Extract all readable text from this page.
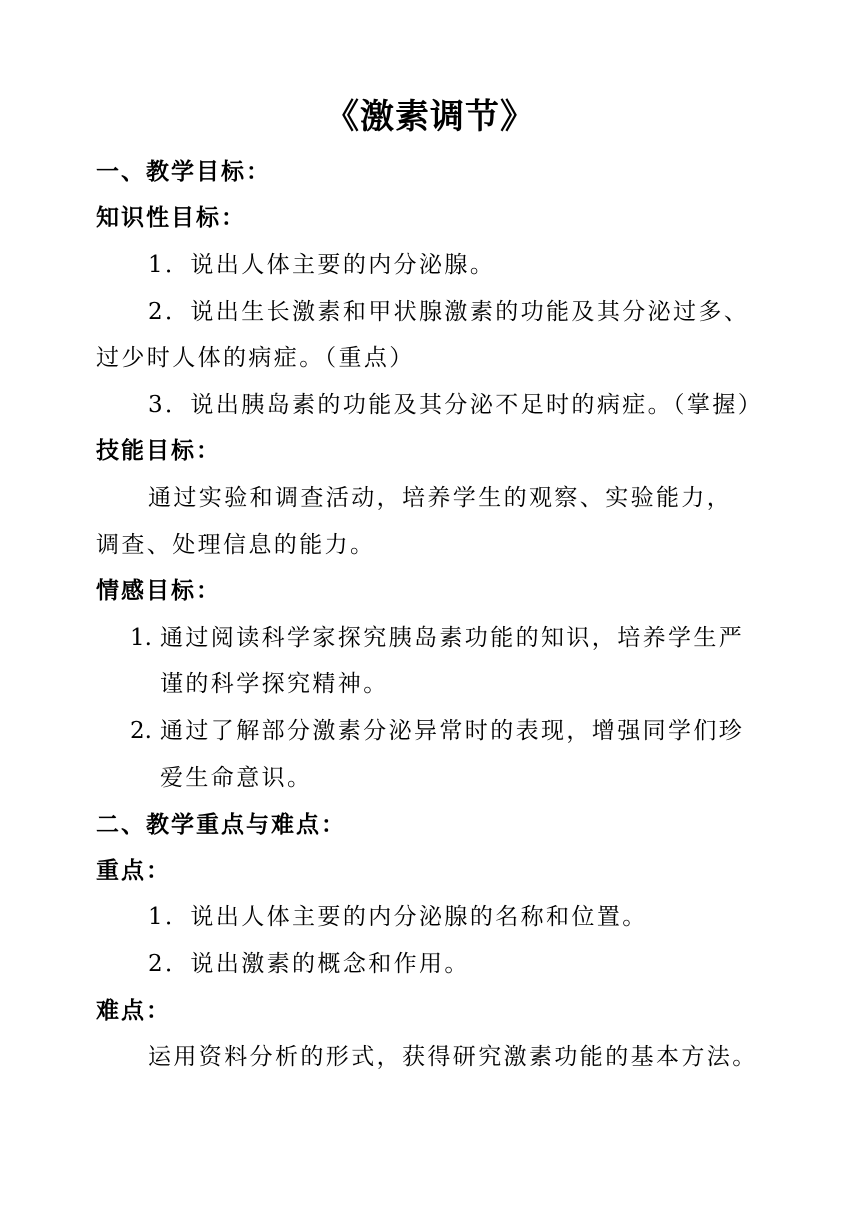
《激素调节》
一、教学目标：
知识性目标：
1．说出人体主要的内分泌腺。
2．说出生长激素和甲状腺激素的功能及其分泌过多、
过少时人体的病症。（重点）
3．说出胰岛素的功能及其分泌不足时的病症。（掌握）
技能目标：
通过实验和调查活动，培养学生的观察、实验能力，
调查、处理信息的能力。
情感目标：
1. 通过阅读科学家探究胰岛素功能的知识，培养学生严
谨的科学探究精神。
2. 通过了解部分激素分泌异常时的表现，增强同学们珍
爱生命意识。
二、教学重点与难点：
重点：
1．说出人体主要的内分泌腺的名称和位置。
2．说出激素的概念和作用。
难点：
运用资料分析的形式，获得研究激素功能的基本方法。
